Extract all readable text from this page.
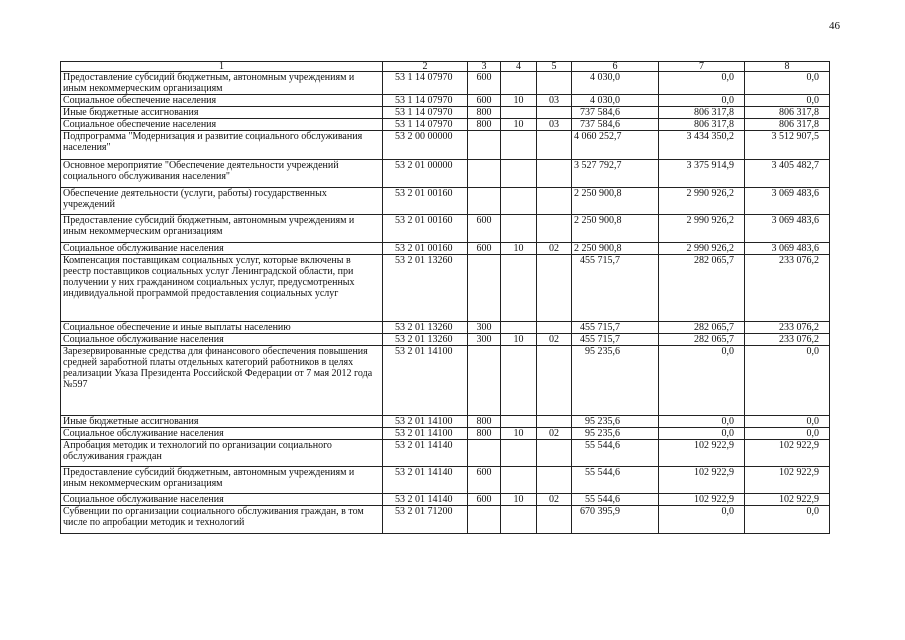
46
1	2	3	4	5	6	7	8
Предоставление субсидий бюджетным, автономным учреждениям и иным некоммерческим организациям	53 1 14 07970	600			4 030,0	0,0	0,0
Социальное обеспечение населения	53 1 14 07970	600	10	03	4 030,0	0,0	0,0
Иные бюджетные ассигнования	53 1 14 07970	800			737 584,6	806 317,8	806 317,8
Социальное обеспечение населения	53 1 14 07970	800	10	03	737 584,6	806 317,8	806 317,8
Подпрограмма "Модернизация и развитие социального обслуживания населения"	53 2 00 00000				4 060 252,7	3 434 350,2	3 512 907,5
Основное мероприятие "Обеспечение деятельности учреждений социального обслуживания населения"	53 2 01 00000				3 527 792,7	3 375 914,9	3 405 482,7
Обеспечение деятельности (услуги, работы) государственных учреждений	53 2 01 00160				2 250 900,8	2 990 926,2	3 069 483,6
Предоставление субсидий бюджетным, автономным учреждениям и иным некоммерческим организациям	53 2 01 00160	600			2 250 900,8	2 990 926,2	3 069 483,6
Социальное обслуживание населения	53 2 01 00160	600	10	02	2 250 900,8	2 990 926,2	3 069 483,6
Компенсация поставщикам социальных услуг, которые включены в реестр поставщиков социальных услуг Ленинградской области, при получении у них гражданином социальных услуг, предусмотренных индивидуальной программой предоставления социальных услуг	53 2 01 13260				455 715,7	282 065,7	233 076,2
Социальное обеспечение и иные выплаты населению	53 2 01 13260	300			455 715,7	282 065,7	233 076,2
Социальное обслуживание населения	53 2 01 13260	300	10	02	455 715,7	282 065,7	233 076,2
Зарезервированные средства для финансового обеспечения повышения средней заработной платы отдельных категорий работников в целях реализации Указа Президента Российской Федерации от 7 мая 2012 года №597	53 2 01 14100				95 235,6	0,0	0,0
Иные бюджетные ассигнования	53 2 01 14100	800			95 235,6	0,0	0,0
Социальное обслуживание населения	53 2 01 14100	800	10	02	95 235,6	0,0	0,0
Апробация методик и технологий по организации социального обслуживания граждан	53 2 01 14140				55 544,6	102 922,9	102 922,9
Предоставление субсидий бюджетным, автономным учреждениям и иным некоммерческим организациям	53 2 01 14140	600			55 544,6	102 922,9	102 922,9
Социальное обслуживание населения	53 2 01 14140	600	10	02	55 544,6	102 922,9	102 922,9
Субвенции по организации социального обслуживания граждан, в том числе по апробации методик и технологий	53 2 01 71200				670 395,9	0,0	0,0
